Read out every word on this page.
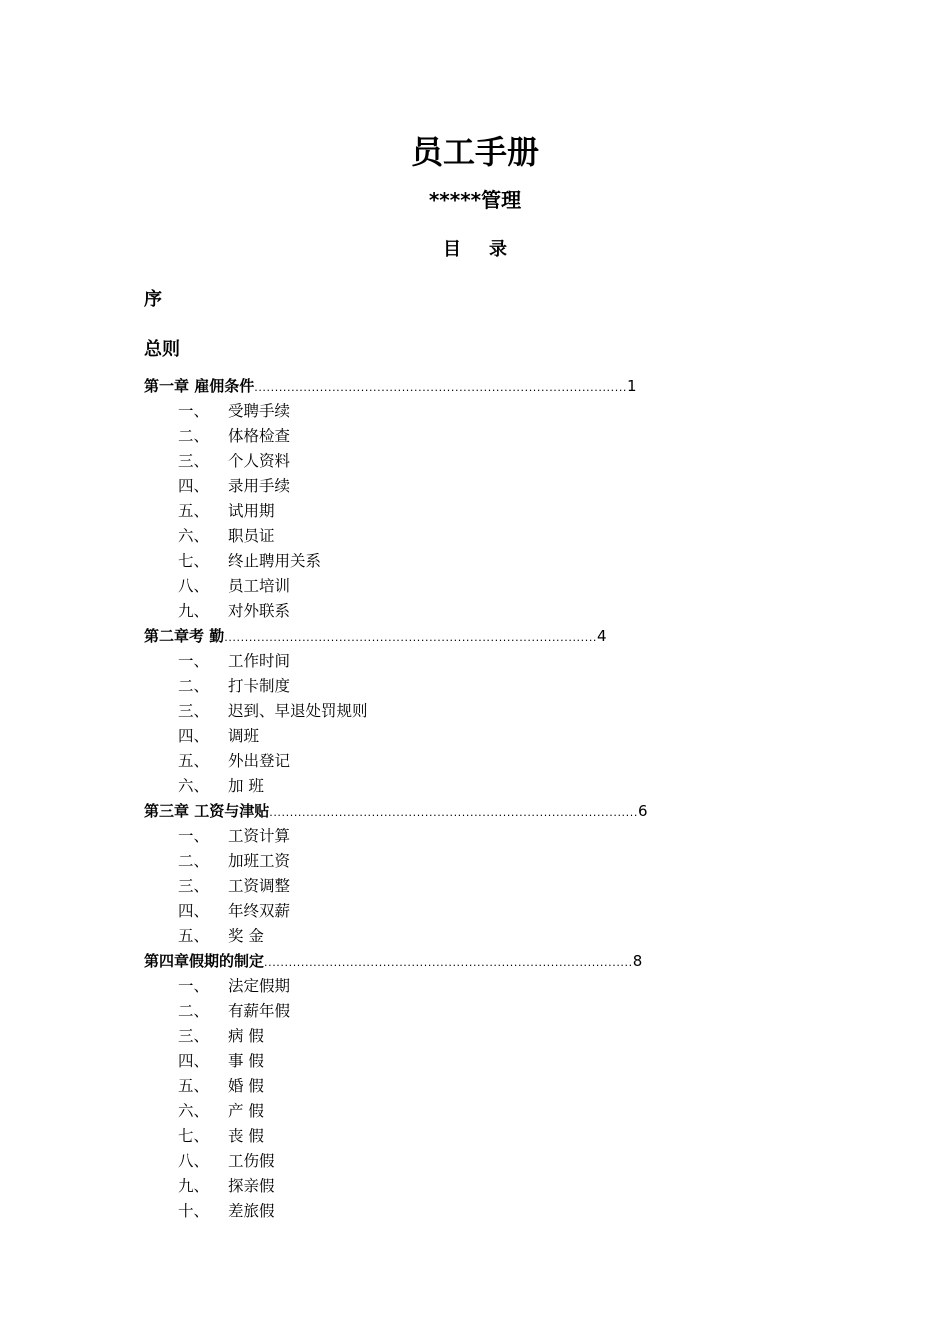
员工手册
*****管理
目 录
序
总则
第一章 雇佣条件 ........................................................................................... 1
一、	受聘手续
二、	体格检查
三、	个人资料
四、	录用手续
五、	试用期
六、	职员证
七、	终止聘用关系
八、	员工培训
九、	对外联系
第二章考 勤 ........................................................................................... 4
一、	工作时间
二、	打卡制度
三、	迟到、早退处罚规则
四、	调班
五、	外出登记
六、	加 班
第三章 工资与津贴 .......................................................................................... 6
一、	工资计算
二、	加班工资
三、	工资调整
四、	年终双薪
五、	奖 金
第四章假期的制定 .......................................................................................... 8
一、	法定假期
二、	有薪年假
三、	病 假
四、	事 假
五、	婚 假
六、	产 假
七、	丧 假
八、	工伤假
九、	探亲假
十、	差旅假
